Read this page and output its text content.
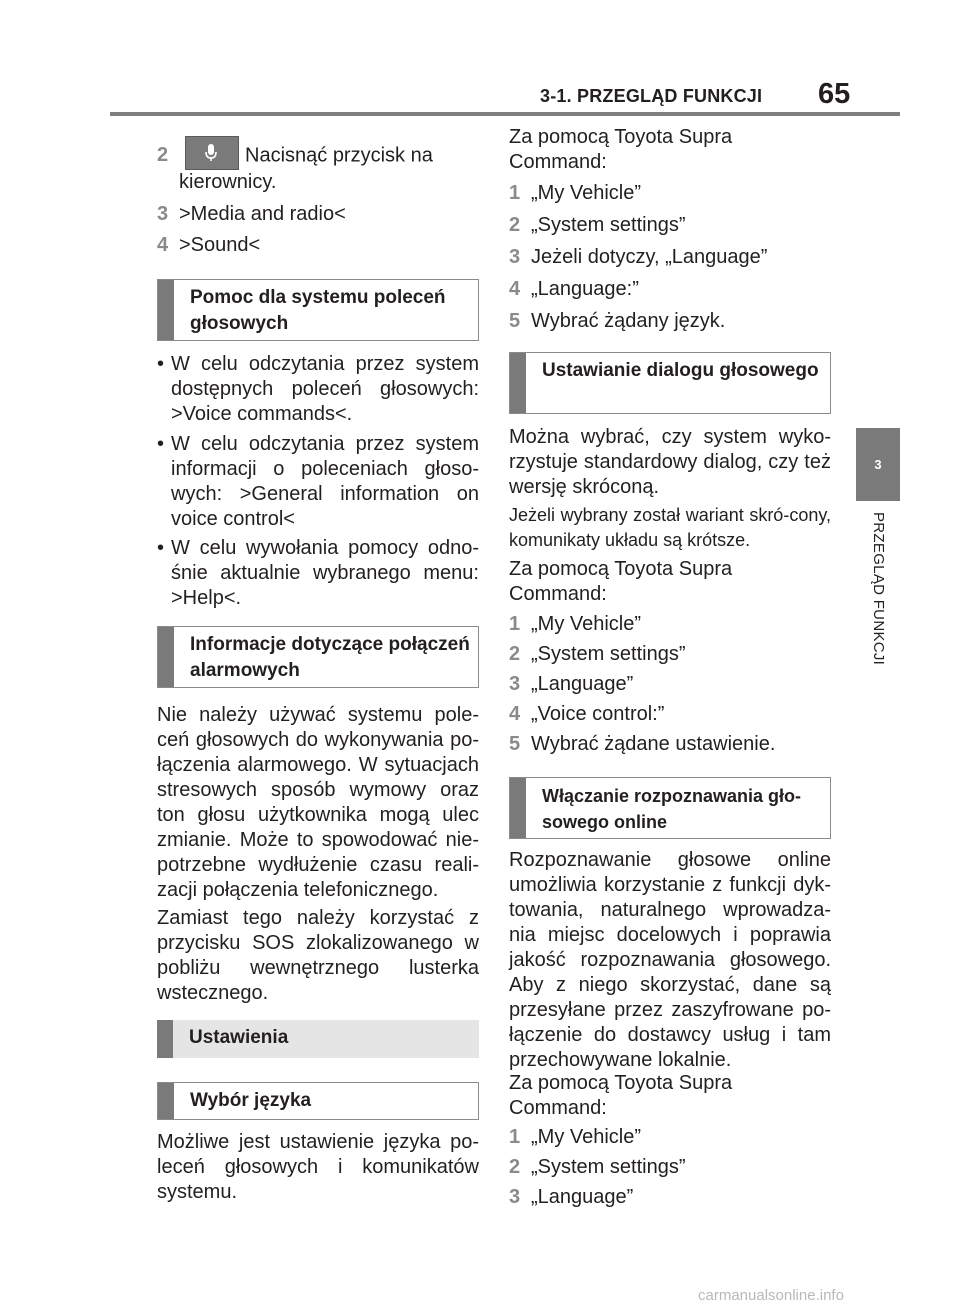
3-1. PRZEGLĄD FUNKCJI 65
3
PRZEGLĄD FUNKCJI
2	Nacisnąć przycisk na
kierownicy.
3 >Media and radio<
4 >Sound<
Pomoc dla systemu poleceń głosowych
• W celu odczytania przez system dostępnych poleceń głosowych: >Voice commands<.
• W celu odczytania przez system informacji o poleceniach głoso-wych: >General information on voice control<
• W celu wywołania pomocy odno-śnie aktualnie wybranego menu: >Help<.
Informacje dotyczące połączeń alarmowych
Nie należy używać systemu pole-ceń głosowych do wykonywania po-łączenia alarmowego. W sytuacjach stresowych sposób wymowy oraz ton głosu użytkownika mogą ulec zmianie. Może to spowodować nie-potrzebne wydłużenie czasu reali-zacji połączenia telefonicznego.
Zamiast tego należy korzystać z przycisku SOS zlokalizowanego w pobliżu wewnętrznego lusterka wstecznego.
Ustawienia
Wybór języka
Możliwe jest ustawienie języka po-leceń głosowych i komunikatów systemu.
Za pomocą Toyota Supra Command:
1 „My Vehicle”
2 „System settings”
3 Jeżeli dotyczy, „Language”
4 „Language:”
5 Wybrać żądany język.
Ustawianie dialogu głosowego
Można wybrać, czy system wyko-rzystuje standardowy dialog, czy też wersję skróconą.
Jeżeli wybrany został wariant skró-cony, komunikaty układu są krótsze.
Za pomocą Toyota Supra Command:
1 „My Vehicle”
2 „System settings”
3 „Language”
4 „Voice control:”
5 Wybrać żądane ustawienie.
Włączanie rozpoznawania gło-sowego online
Rozpoznawanie głosowe online umożliwia korzystanie z funkcji dyk-towania, naturalnego wprowadza-nia miejsc docelowych i poprawia jakość rozpoznawania głosowego. Aby z niego skorzystać, dane są przesyłane przez zaszyfrowane po-łączenie do dostawcy usług i tam przechowywane lokalnie.
Za pomocą Toyota Supra Command:
1 „My Vehicle”
2 „System settings”
3 „Language”
carmanualsonline.info
